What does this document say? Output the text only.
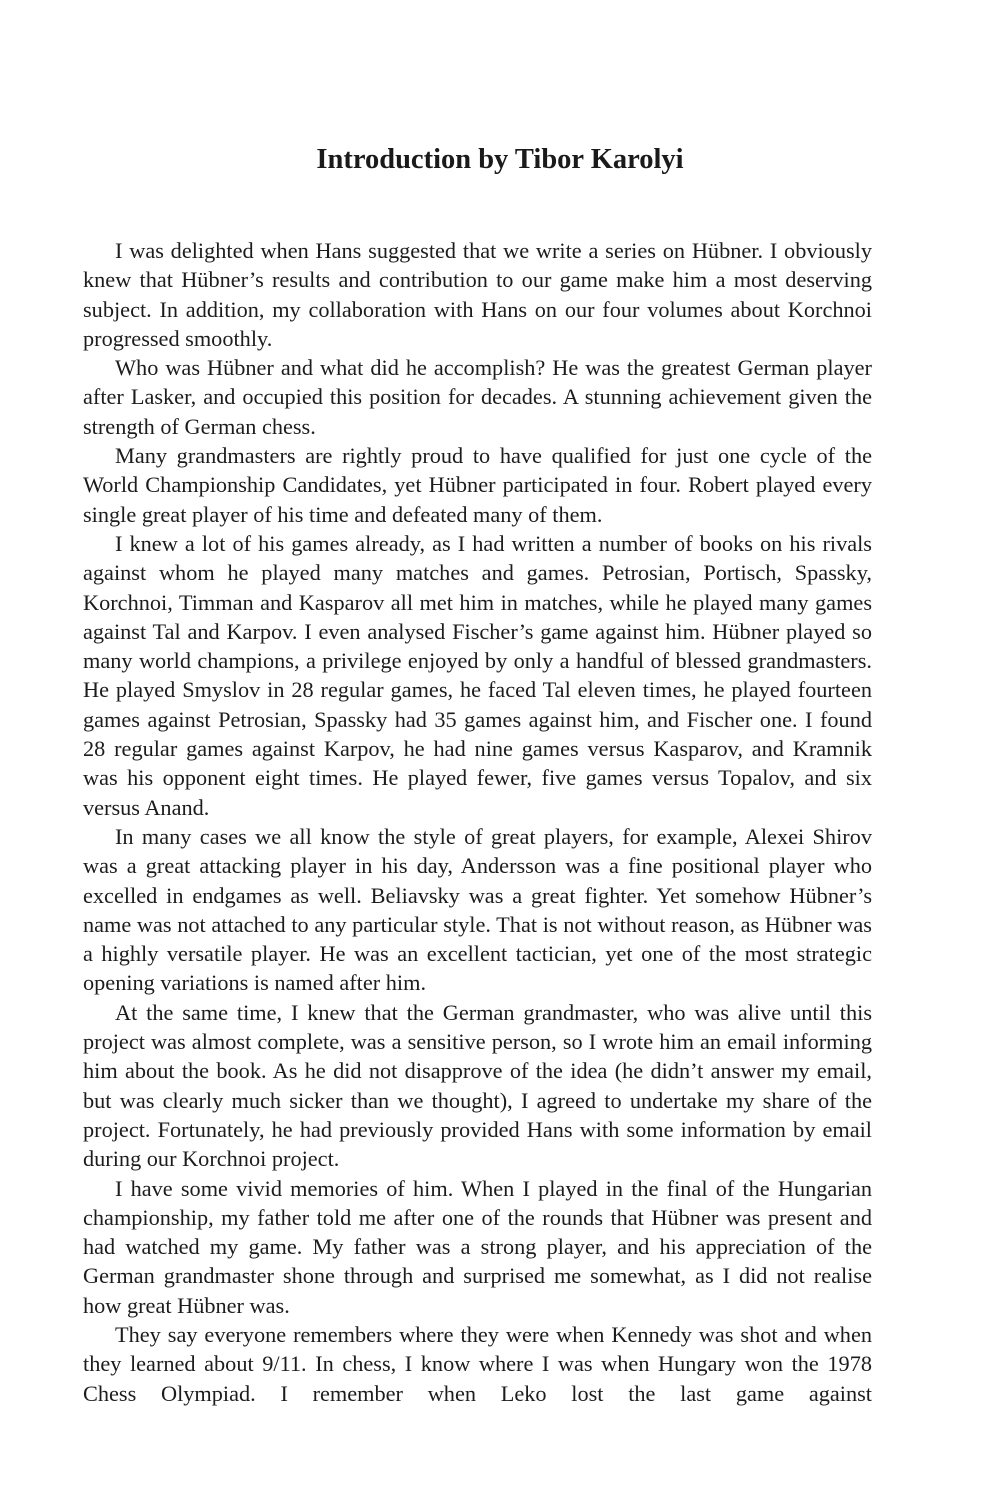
Introduction by Tibor Karolyi

I was delighted when Hans suggested that we write a series on Hübner. I obviously knew that Hübner’s results and contribution to our game make him a most deserving subject. In addition, my collaboration with Hans on our four volumes about Korchnoi progressed smoothly.

Who was Hübner and what did he accomplish? He was the greatest German player after Lasker, and occupied this position for decades. A stunning achievement given the strength of German chess.

Many grandmasters are rightly proud to have qualified for just one cycle of the World Championship Candidates, yet Hübner participated in four. Robert played every single great player of his time and defeated many of them.

I knew a lot of his games already, as I had written a number of books on his rivals against whom he played many matches and games. Petrosian, Portisch, Spassky, Korchnoi, Timman and Kasparov all met him in matches, while he played many games against Tal and Karpov. I even analysed Fischer’s game against him. Hübner played so many world champions, a privilege enjoyed by only a handful of blessed grandmasters. He played Smyslov in 28 regular games, he faced Tal eleven times, he played fourteen games against Petrosian, Spassky had 35 games against him, and Fischer one. I found 28 regular games against Karpov, he had nine games versus Kasparov, and Kramnik was his opponent eight times. He played fewer, five games versus Topalov, and six versus Anand.

In many cases we all know the style of great players, for example, Alexei Shirov was a great attacking player in his day, Andersson was a fine positional player who excelled in endgames as well. Beliavsky was a great fighter. Yet somehow Hübner’s name was not attached to any particular style. That is not without reason, as Hübner was a highly versatile player. He was an excellent tactician, yet one of the most strategic opening variations is named after him.

At the same time, I knew that the German grandmaster, who was alive until this project was almost complete, was a sensitive person, so I wrote him an email informing him about the book. As he did not disapprove of the idea (he didn’t answer my email, but was clearly much sicker than we thought), I agreed to undertake my share of the project. Fortunately, he had previously provided Hans with some information by email during our Korchnoi project.

I have some vivid memories of him. When I played in the final of the Hungarian championship, my father told me after one of the rounds that Hübner was present and had watched my game. My father was a strong player, and his appreciation of the German grandmaster shone through and surprised me somewhat, as I did not realise how great Hübner was.

They say everyone remembers where they were when Kennedy was shot and when they learned about 9/11. In chess, I know where I was when Hungary won the 1978 Chess Olympiad. I remember when Leko lost the last game against
